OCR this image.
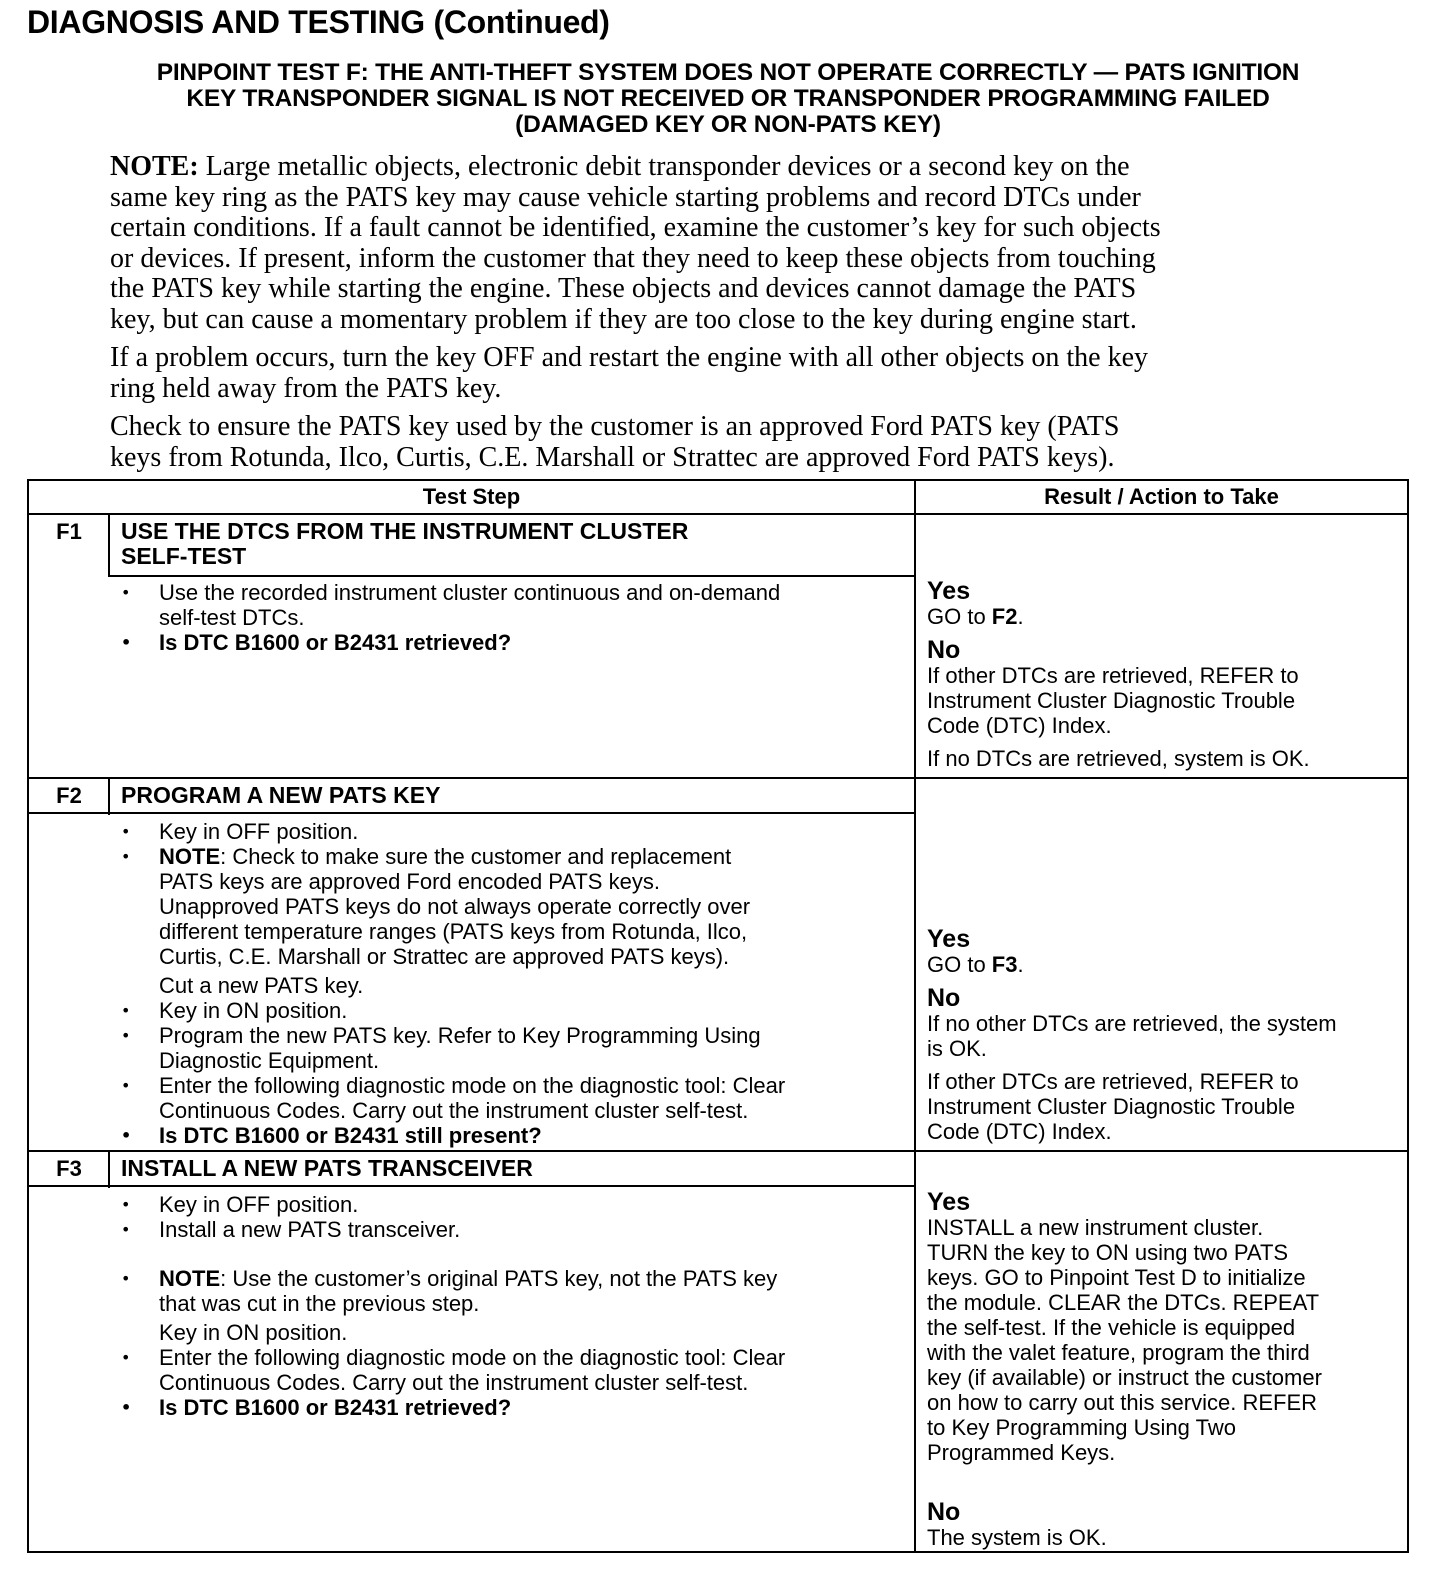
DIAGNOSIS AND TESTING (Continued)
PINPOINT TEST F: THE ANTI-THEFT SYSTEM DOES NOT OPERATE CORRECTLY — PATS IGNITION
KEY TRANSPONDER SIGNAL IS NOT RECEIVED OR TRANSPONDER PROGRAMMING FAILED
(DAMAGED KEY OR NON-PATS KEY)

NOTE: Large metallic objects, electronic debit transponder devices or a second key on the
same key ring as the PATS key may cause vehicle starting problems and record DTCs under
certain conditions. If a fault cannot be identified, examine the customer’s key for such objects
or devices. If present, inform the customer that they need to keep these objects from touching
the PATS key while starting the engine. These objects and devices cannot damage the PATS
key, but can cause a momentary problem if they are too close to the key during engine start.

If a problem occurs, turn the key OFF and restart the engine with all other objects on the key
ring held away from the PATS key.

Check to ensure the PATS key used by the customer is an approved Ford PATS key (PATS
keys from Rotunda, Ilco, Curtis, C.E. Marshall or Strattec are approved Ford PATS keys).

Test Step	Result / Action to Take
F1	USE THE DTCS FROM THE INSTRUMENT CLUSTER
SELF-TEST
• Use the recorded instrument cluster continuous and on-demand
self-test DTCs.
• Is DTC B1600 or B2431 retrieved?
Yes

GO to F2.

No

If other DTCs are retrieved, REFER to
Instrument Cluster Diagnostic Trouble
Code (DTC) Index.

If no DTCs are retrieved, system is OK.

F2	PROGRAM A NEW PATS KEY
• Key in OFF position.
• NOTE: Check to make sure the customer and replacement
PATS keys are approved Ford encoded PATS keys.
Unapproved PATS keys do not always operate correctly over
different temperature ranges (PATS keys from Rotunda, Ilco,
Curtis, C.E. Marshall or Strattec are approved PATS keys).
Cut a new PATS key.
• Key in ON position.
• Program the new PATS key. Refer to Key Programming Using
Diagnostic Equipment.
• Enter the following diagnostic mode on the diagnostic tool: Clear
Continuous Codes. Carry out the instrument cluster self-test.
• Is DTC B1600 or B2431 still present?
Yes

GO to F3.

No

If no other DTCs are retrieved, the system
is OK.

If other DTCs are retrieved, REFER to
Instrument Cluster Diagnostic Trouble
Code (DTC) Index.

F3	INSTALL A NEW PATS TRANSCEIVER
• Key in OFF position.
• Install a new PATS transceiver.
• NOTE: Use the customer’s original PATS key, not the PATS key
that was cut in the previous step.
Key in ON position.
• Enter the following diagnostic mode on the diagnostic tool: Clear
Continuous Codes. Carry out the instrument cluster self-test.
• Is DTC B1600 or B2431 retrieved?
Yes

INSTALL a new instrument cluster.
TURN the key to ON using two PATS
keys. GO to Pinpoint Test D to initialize
the module. CLEAR the DTCs. REPEAT
the self-test. If the vehicle is equipped
with the valet feature, program the third
key (if available) or instruct the customer
on how to carry out this service. REFER
to Key Programming Using Two
Programmed Keys.

No

The system is OK.
